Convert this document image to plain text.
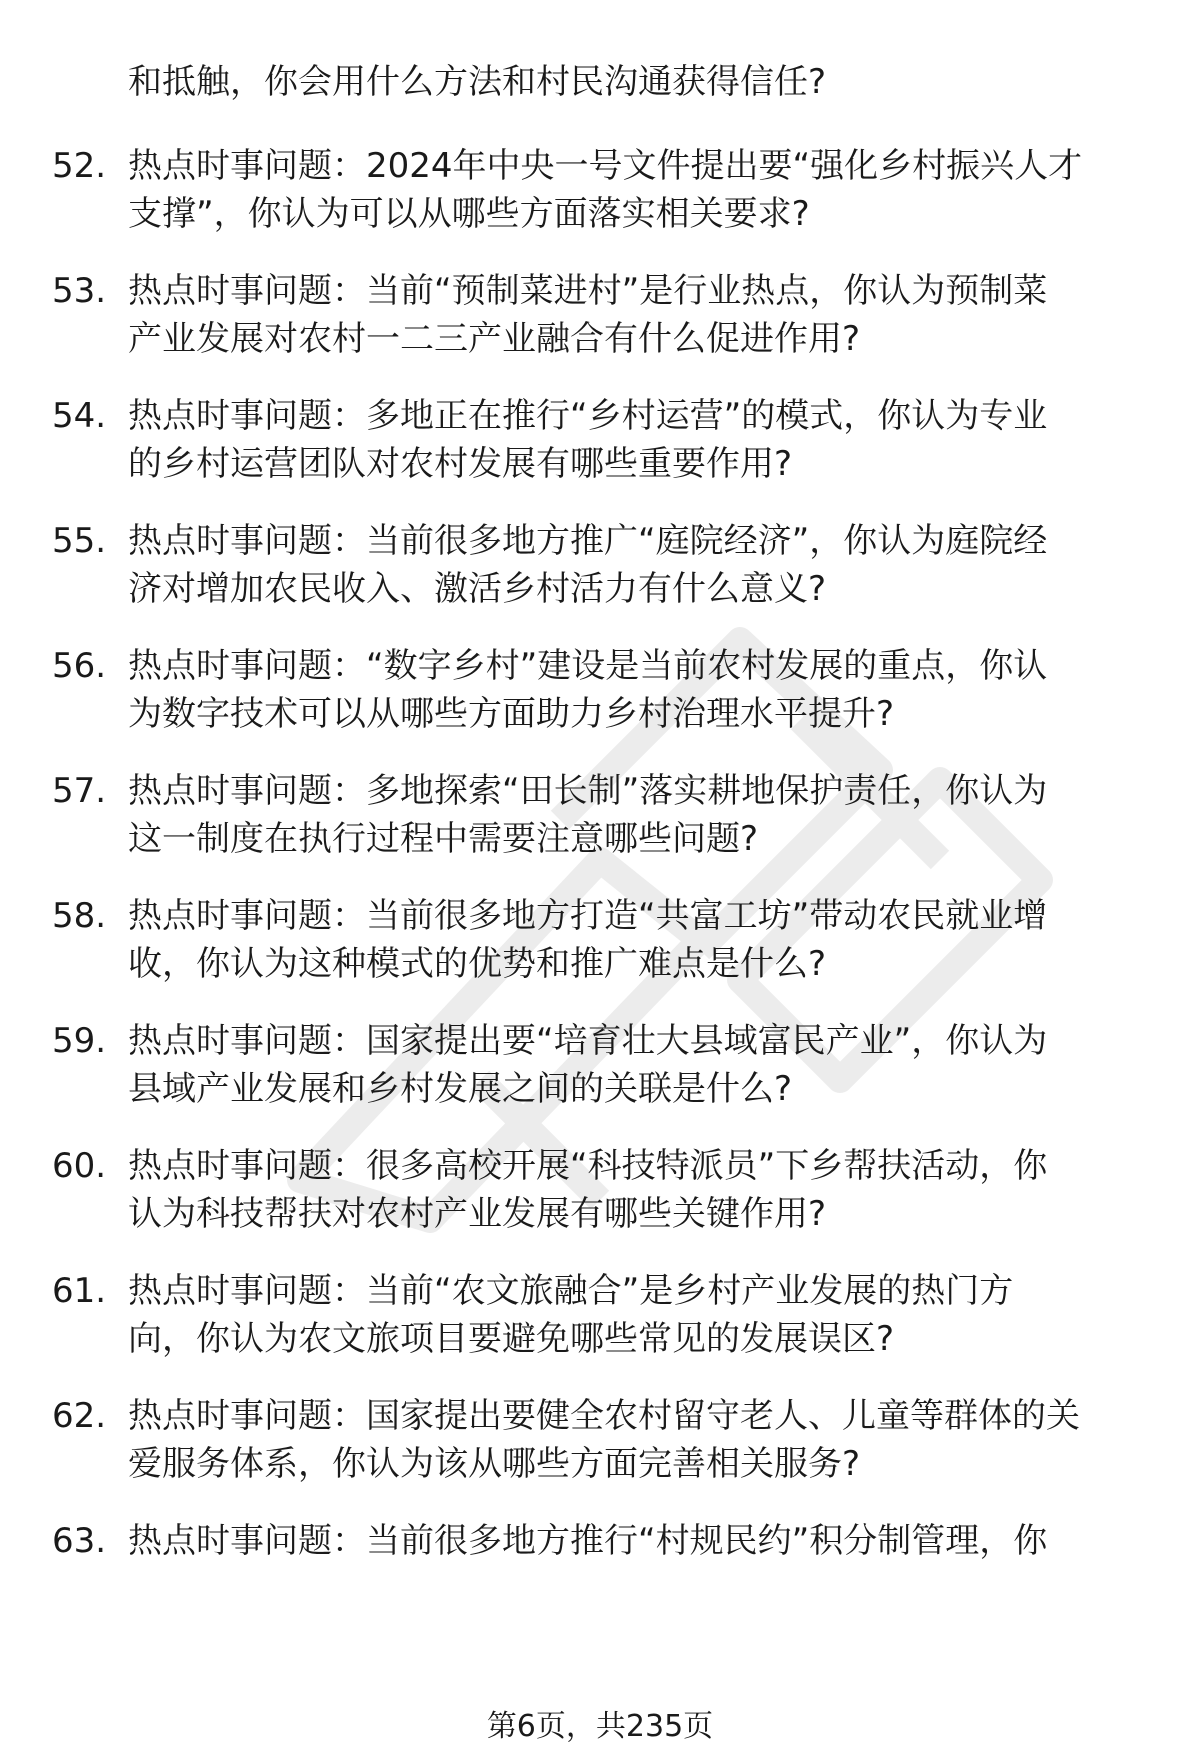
和抵触，你会用什么方法和村民沟通获得信任?
52. 热点时事问题：2024年中央一号文件提出要“强化乡村振兴人才
支撑”，你认为可以从哪些方面落实相关要求?
53. 热点时事问题：当前“预制菜进村”是行业热点，你认为预制菜
产业发展对农村一二三产业融合有什么促进作用?
54. 热点时事问题：多地正在推行“乡村运营”的模式，你认为专业
的乡村运营团队对农村发展有哪些重要作用?
55. 热点时事问题：当前很多地方推广“庭院经济”，你认为庭院经
济对增加农民收入、激活乡村活力有什么意义?
56. 热点时事问题：“数字乡村”建设是当前农村发展的重点，你认
为数字技术可以从哪些方面助力乡村治理水平提升?
57. 热点时事问题：多地探索“田长制”落实耕地保护责任，你认为
这一制度在执行过程中需要注意哪些问题?
58. 热点时事问题：当前很多地方打造“共富工坊”带动农民就业增
收，你认为这种模式的优势和推广难点是什么?
59. 热点时事问题：国家提出要“培育壮大县域富民产业”，你认为
县域产业发展和乡村发展之间的关联是什么?
60. 热点时事问题：很多高校开展“科技特派员”下乡帮扶活动，你
认为科技帮扶对农村产业发展有哪些关键作用?
61. 热点时事问题：当前“农文旅融合”是乡村产业发展的热门方
向，你认为农文旅项目要避免哪些常见的发展误区?
62. 热点时事问题：国家提出要健全农村留守老人、儿童等群体的关
爱服务体系，你认为该从哪些方面完善相关服务?
63. 热点时事问题：当前很多地方推行“村规民约”积分制管理，你
第6页，共235页
